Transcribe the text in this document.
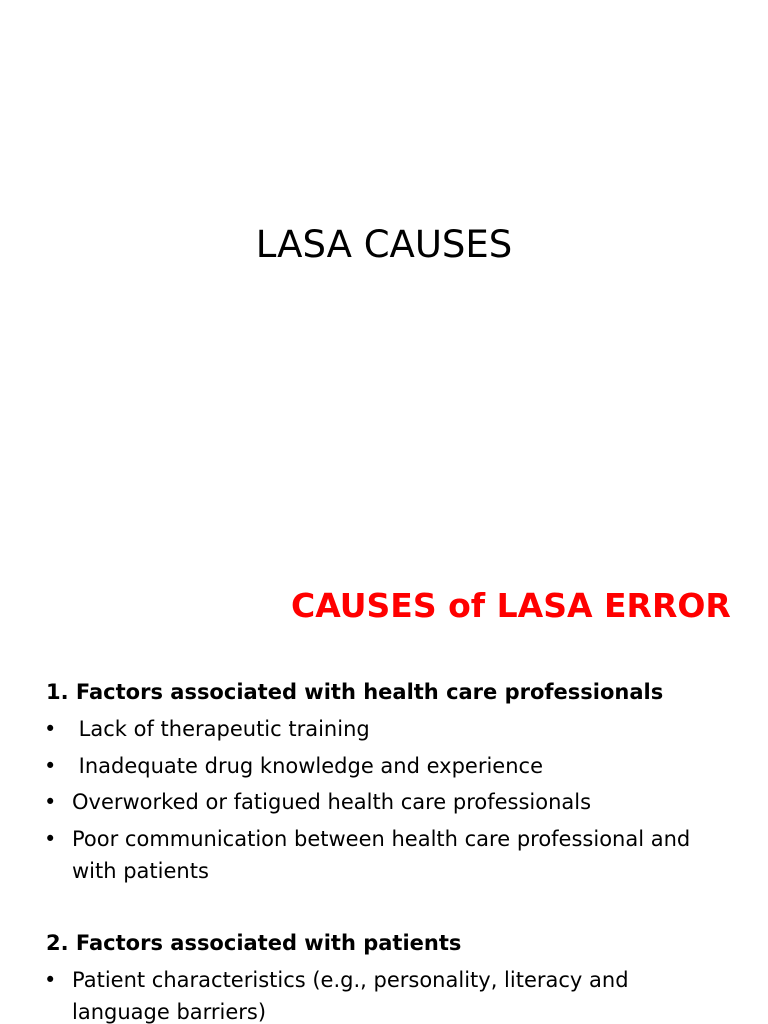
LASA CAUSES
CAUSES of LASA ERROR
1. Factors associated with health care professionals
• Lack of therapeutic training
• Inadequate drug knowledge and experience
• Overworked or fatigued health care professionals
• Poor communication between health care professional and with patients
2. Factors associated with patients
• Patient characteristics (e.g., personality, literacy and language barriers)
